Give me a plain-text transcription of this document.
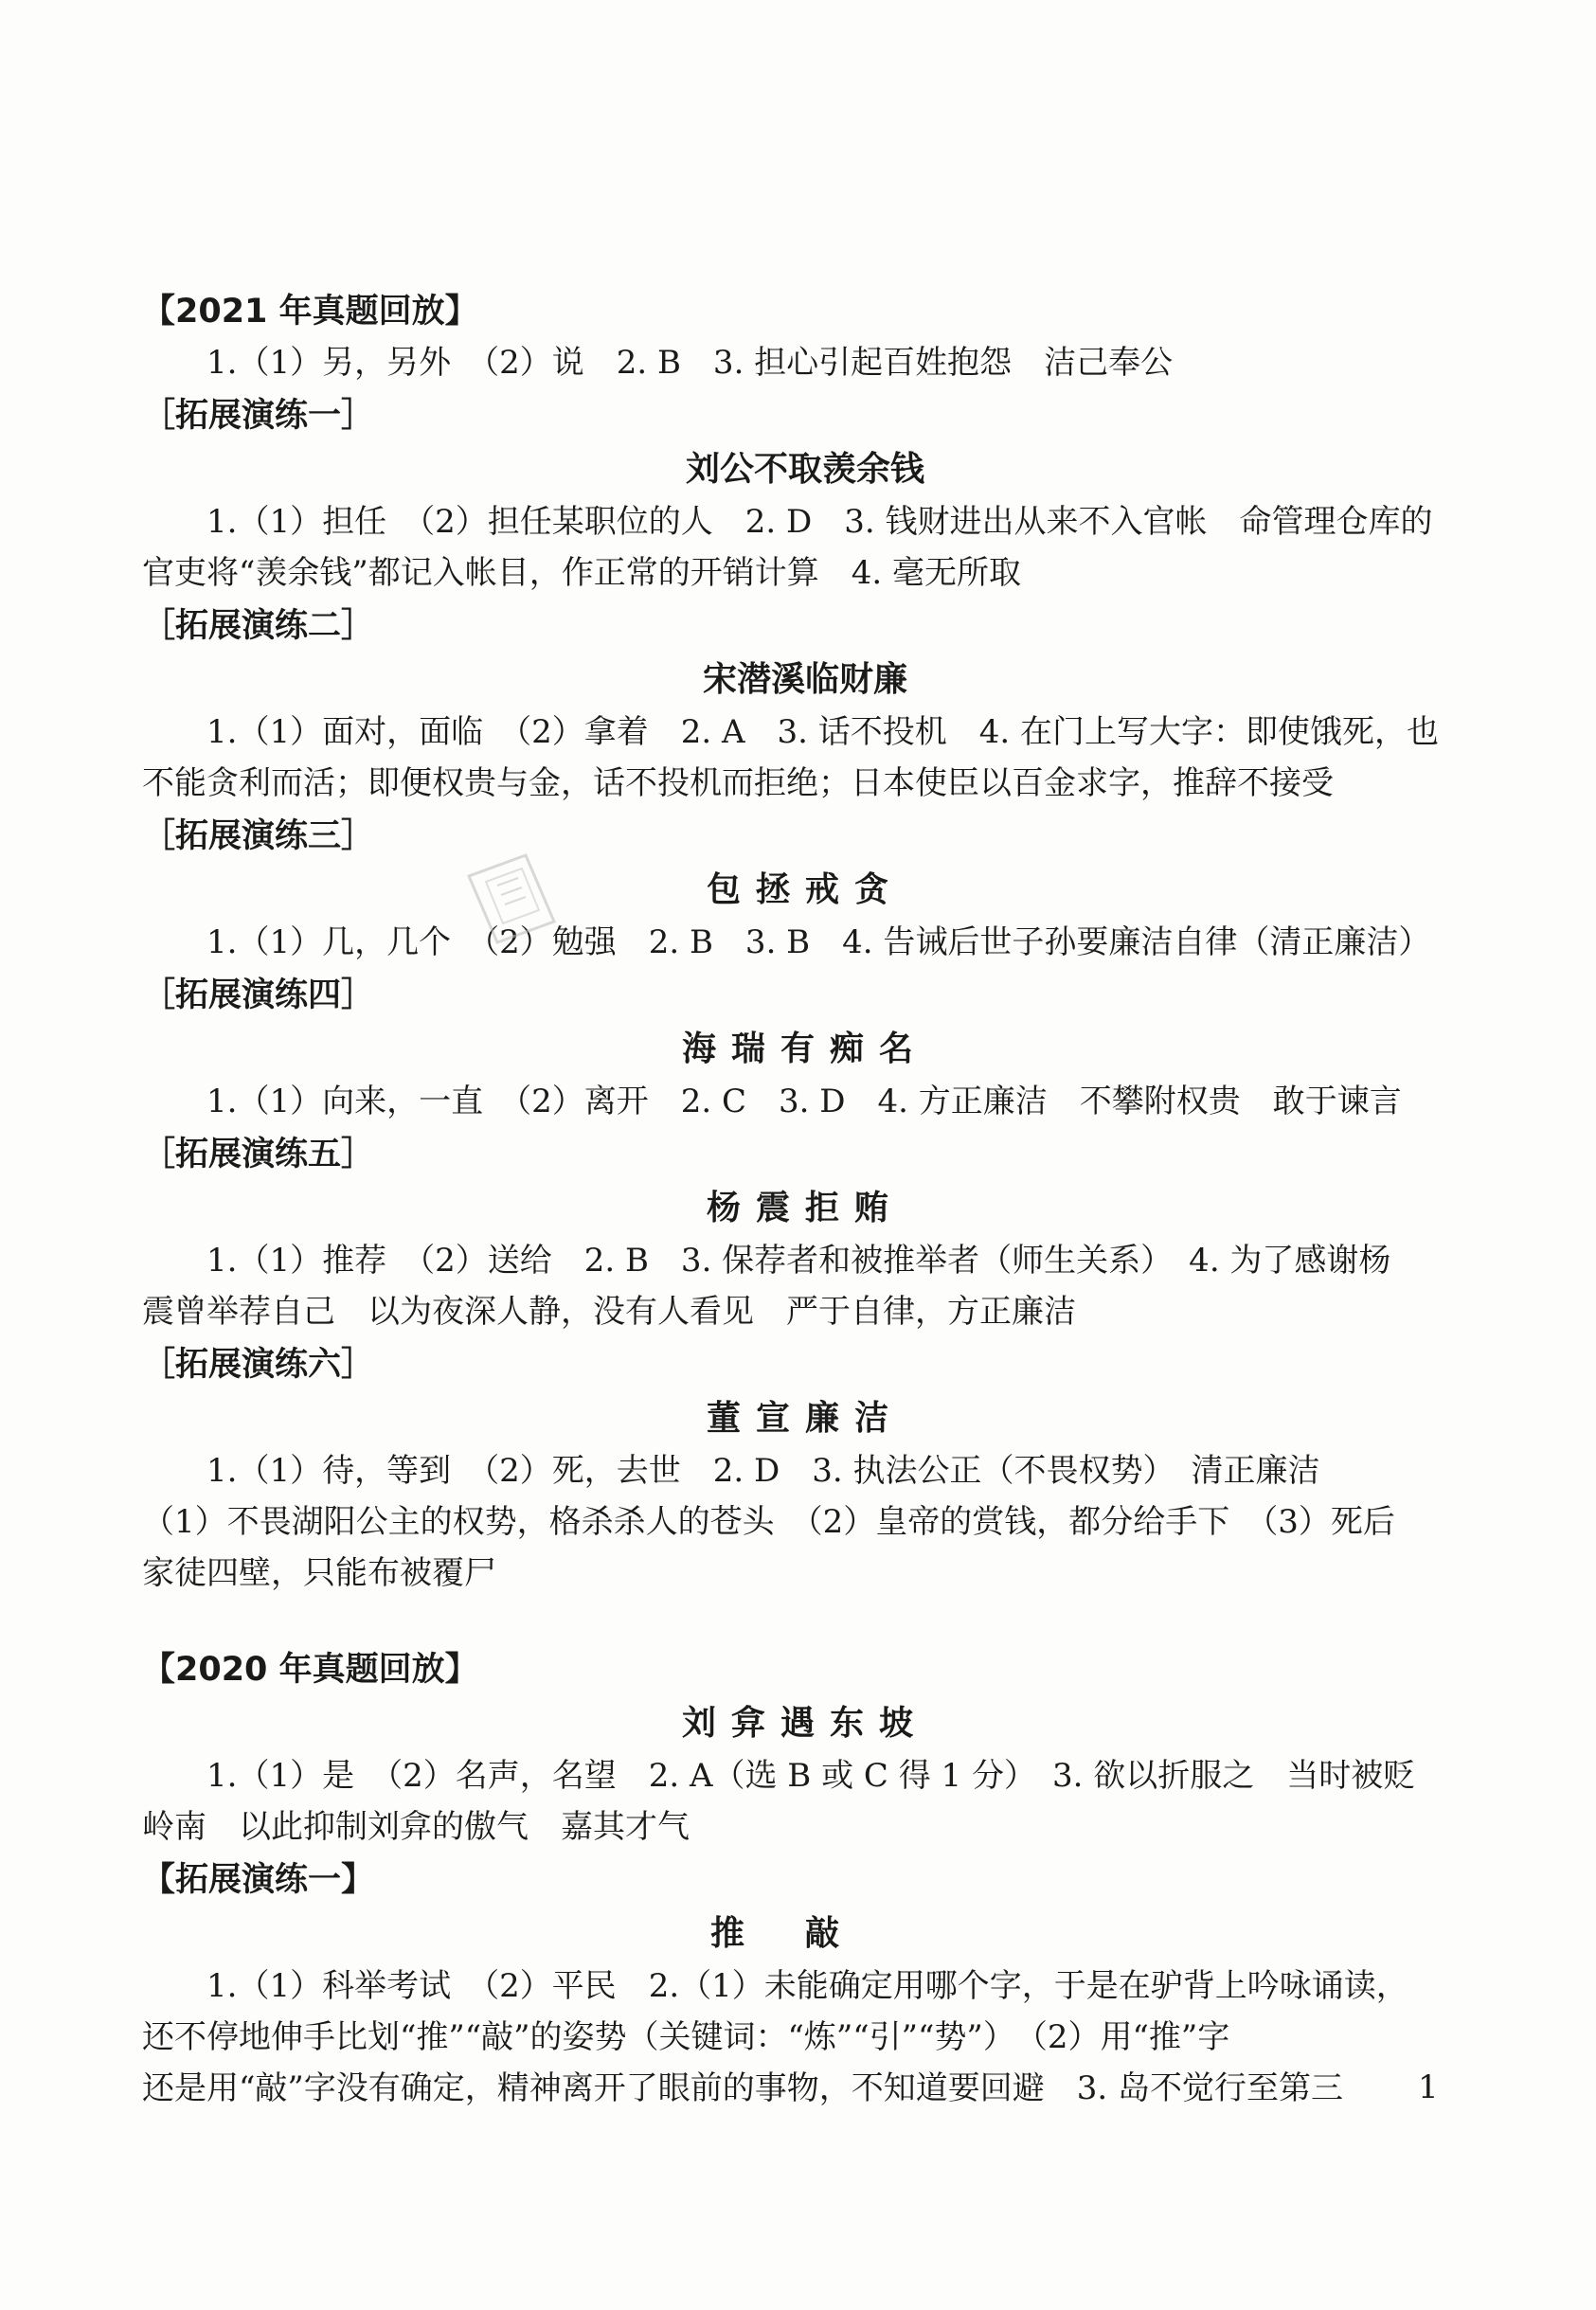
【2021 年真题回放】
1.（1）另，另外　（2）说　2. B　3. 担心引起百姓抱怨　洁己奉公
［拓展演练一］
刘公不取羡余钱
1.（1）担任　（2）担任某职位的人　2. D　3. 钱财进出从来不入官帐　命管理仓库的
官吏将“羡余钱”都记入帐目，作正常的开销计算　4. 毫无所取
［拓展演练二］
宋潜溪临财廉
1.（1）面对，面临　（2）拿着　2. A　3. 话不投机　4. 在门上写大字：即使饿死，也
不能贪利而活；即便权贵与金，话不投机而拒绝；日本使臣以百金求字，推辞不接受
［拓展演练三］
包拯戒贪
1.（1）几，几个　（2）勉强　2. B　3. B　4. 告诫后世子孙要廉洁自律（清正廉洁）
［拓展演练四］
海瑞有痴名
1.（1）向来，一直　（2）离开　2. C　3. D　4. 方正廉洁　不攀附权贵　敢于谏言
［拓展演练五］
杨震拒贿
1.（1）推荐　（2）送给　2. B　3. 保荐者和被推举者（师生关系）　4. 为了感谢杨
震曾举荐自己　以为夜深人静，没有人看见　严于自律，方正廉洁
［拓展演练六］
董宣廉洁
1.（1）待，等到　（2）死，去世　2. D　3. 执法公正（不畏权势）　清正廉洁
（1）不畏湖阳公主的权势，格杀杀人的苍头　（2）皇帝的赏钱，都分给手下　（3）死后
家徒四壁，只能布被覆尸
【2020 年真题回放】
刘弇遇东坡
1.（1）是　（2）名声，名望　2. A（选 B 或 C 得 1 分）　3. 欲以折服之　当时被贬
岭南　以此抑制刘弇的傲气　嘉其才气
【拓展演练一】
推敲
1.（1）科举考试　（2）平民　2.（1）未能确定用哪个字，于是在驴背上吟咏诵读，
还不停地伸手比划“推”“敲”的姿势（关键词：“炼”“引”“势”）　（2）用“推”字
还是用“敲”字没有确定，精神离开了眼前的事物，不知道要回避　3. 岛不觉行至第三	1
